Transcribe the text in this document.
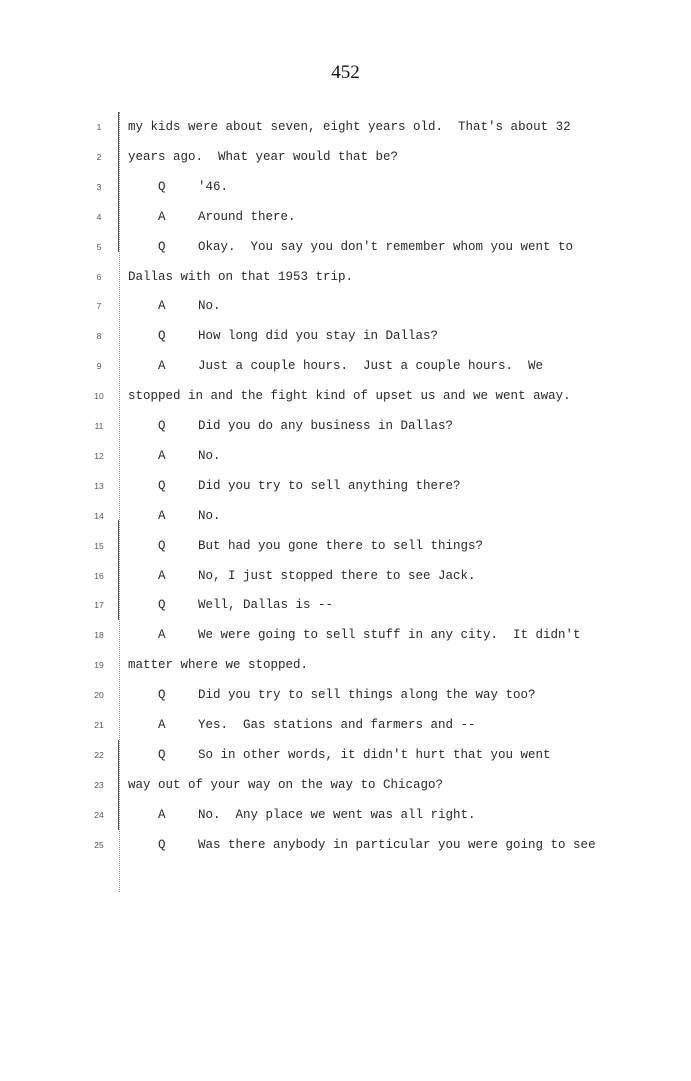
452
1	my kids were about seven, eight years old.  That's about 32
2	years ago.  What year would that be?
3	Q	'46.
4	A	Around there.
5	Q	Okay.  You say you don't remember whom you went to
6	Dallas with on that 1953 trip.
7	A	No.
8	Q	How long did you stay in Dallas?
9	A	Just a couple hours.  Just a couple hours.  We
10	stopped in and the fight kind of upset us and we went away.
11	Q	Did you do any business in Dallas?
12	A	No.
13	Q	Did you try to sell anything there?
14	A	No.
15	Q	But had you gone there to sell things?
16	A	No, I just stopped there to see Jack.
17	Q	Well, Dallas is --
18	A	We were going to sell stuff in any city.  It didn't
19	matter where we stopped.
20	Q	Did you try to sell things along the way too?
21	A	Yes.  Gas stations and farmers and --
22	Q	So in other words, it didn't hurt that you went
23	way out of your way on the way to Chicago?
24	A	No.  Any place we went was all right.
25	Q	Was there anybody in particular you were going to see
